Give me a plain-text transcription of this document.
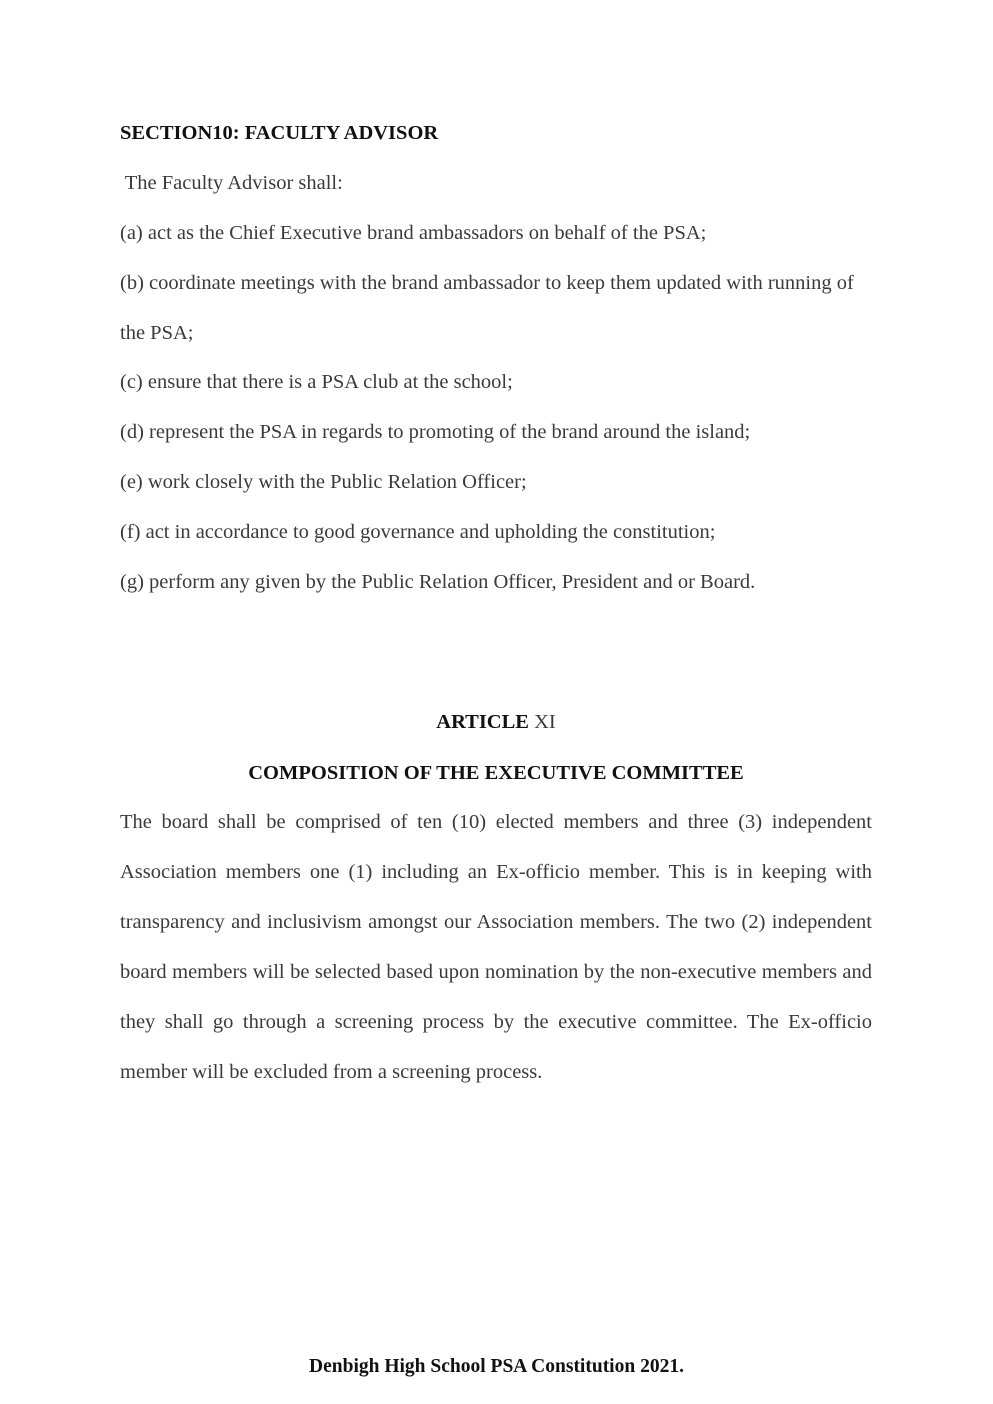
SECTION10: FACULTY ADVISOR
The Faculty Advisor shall:
(a) act as the Chief Executive brand ambassadors on behalf of the PSA;
(b) coordinate meetings with the brand ambassador to keep them updated with running of the PSA;
(c) ensure that there is a PSA club at the school;
(d) represent the PSA in regards to promoting of the brand around the island;
(e) work closely with the Public Relation Officer;
(f) act in accordance to good governance and upholding the constitution;
(g) perform any given by the Public Relation Officer, President and or Board.
ARTICLE XI
COMPOSITION OF THE EXECUTIVE COMMITTEE
The board shall be comprised of ten (10) elected members and three (3) independent Association members one (1) including an Ex-officio member. This is in keeping with transparency and inclusivism amongst our Association members. The two (2) independent board members will be selected based upon nomination by the non-executive members and they shall go through a screening process by the executive committee. The Ex-officio member will be excluded from a screening process.
Denbigh High School PSA Constitution 2021.
